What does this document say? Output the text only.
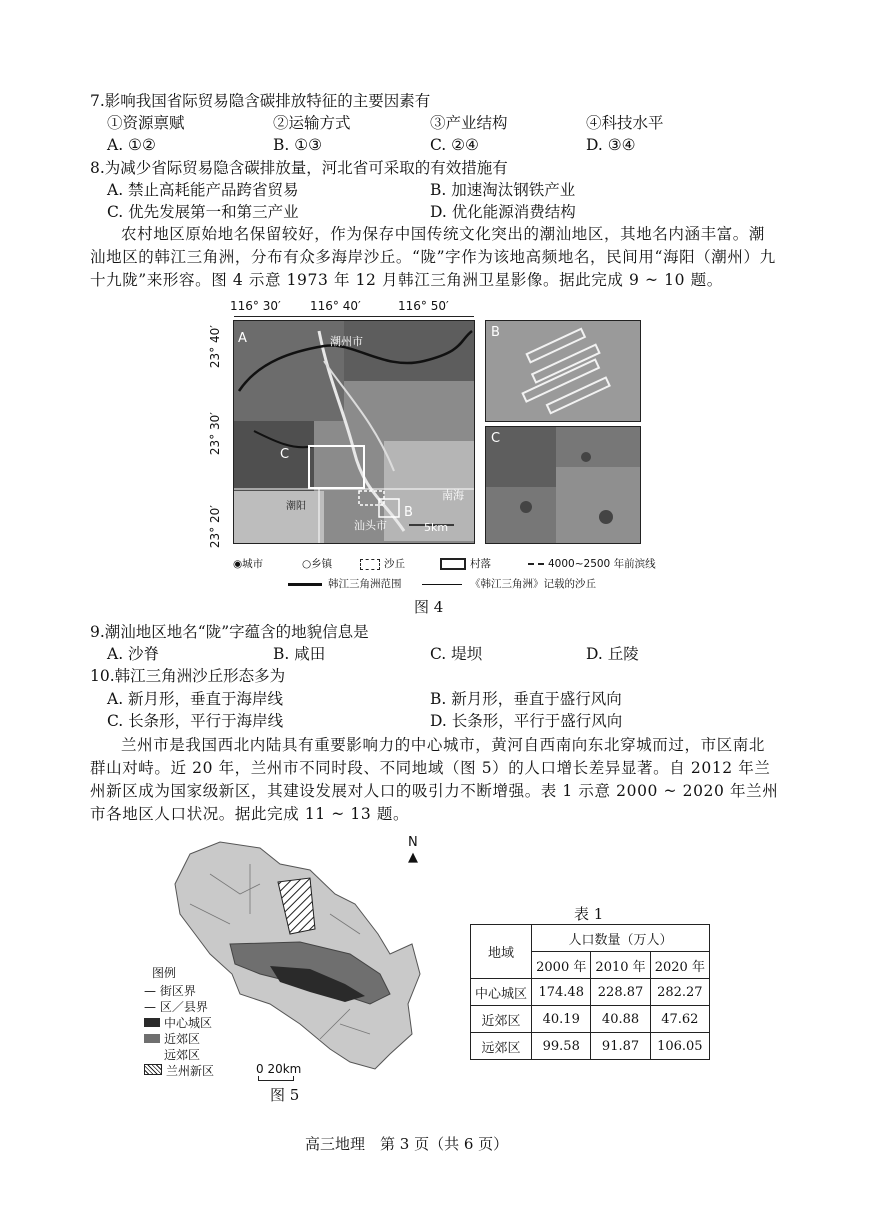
7.影响我国省际贸易隐含碳排放特征的主要因素有
①资源禀赋	②运输方式	③产业结构	④科技水平
A. ①②	B. ①③	C. ②④	D. ③④
8.为减少省际贸易隐含碳排放量，河北省可采取的有效措施有
A. 禁止高耗能产品跨省贸易	B. 加速淘汰钢铁产业
C. 优先发展第一和第三产业	D. 优化能源消费结构
农村地区原始地名保留较好，作为保存中国传统文化突出的潮汕地区，其地名内涵丰富。潮汕地区的韩江三角洲，分布有众多海岸沙丘。“陇”字作为该地高频地名，民间用“海阳（潮州）九十九陇”来形容。图 4 示意 1973 年 12 月韩江三角洲卫星影像。据此完成 9 ~ 10 题。
116° 30′ 116° 40′	116° 50′
23° 40′
23° 30′
23° 20′
A	潮州市
C
B
汕头市
潮阳
南海
5km
B
C
◉城市	○乡镇	沙丘	村落	4000~2500 年前滨线
韩江三角洲范围	《韩江三角洲》记载的沙丘
图 4
9.潮汕地区地名“陇”字蕴含的地貌信息是
A. 沙脊	B. 咸田	C. 堤坝	D. 丘陵
10.韩江三角洲沙丘形态多为
A. 新月形，垂直于海岸线	B. 新月形，垂直于盛行风向
C. 长条形，平行于海岸线	D. 长条形，平行于盛行风向
兰州市是我国西北内陆具有重要影响力的中心城市，黄河自西南向东北穿城而过，市区南北群山对峙。近 20 年，兰州市不同时段、不同地域（图 5）的人口增长差异显著。自 2012 年兰州新区成为国家级新区，其建设发展对人口的吸引力不断增强。表 1 示意 2000 ~ 2020 年兰州市各地区人口状况。据此完成 11 ~ 13 题。
N
▲
图例
— 街区界
— 区／县界
中心城区
近郊区
远郊区
兰州新区	0 20km
图 5
表 1
地域	人口数量（万人）		
	2000 年	2010 年	2020 年
中心城区	174.48	228.87	282.27
近郊区	40.19	40.88	47.62
远郊区	99.58	91.87	106.05
高三地理　第 3 页（共 6 页）
